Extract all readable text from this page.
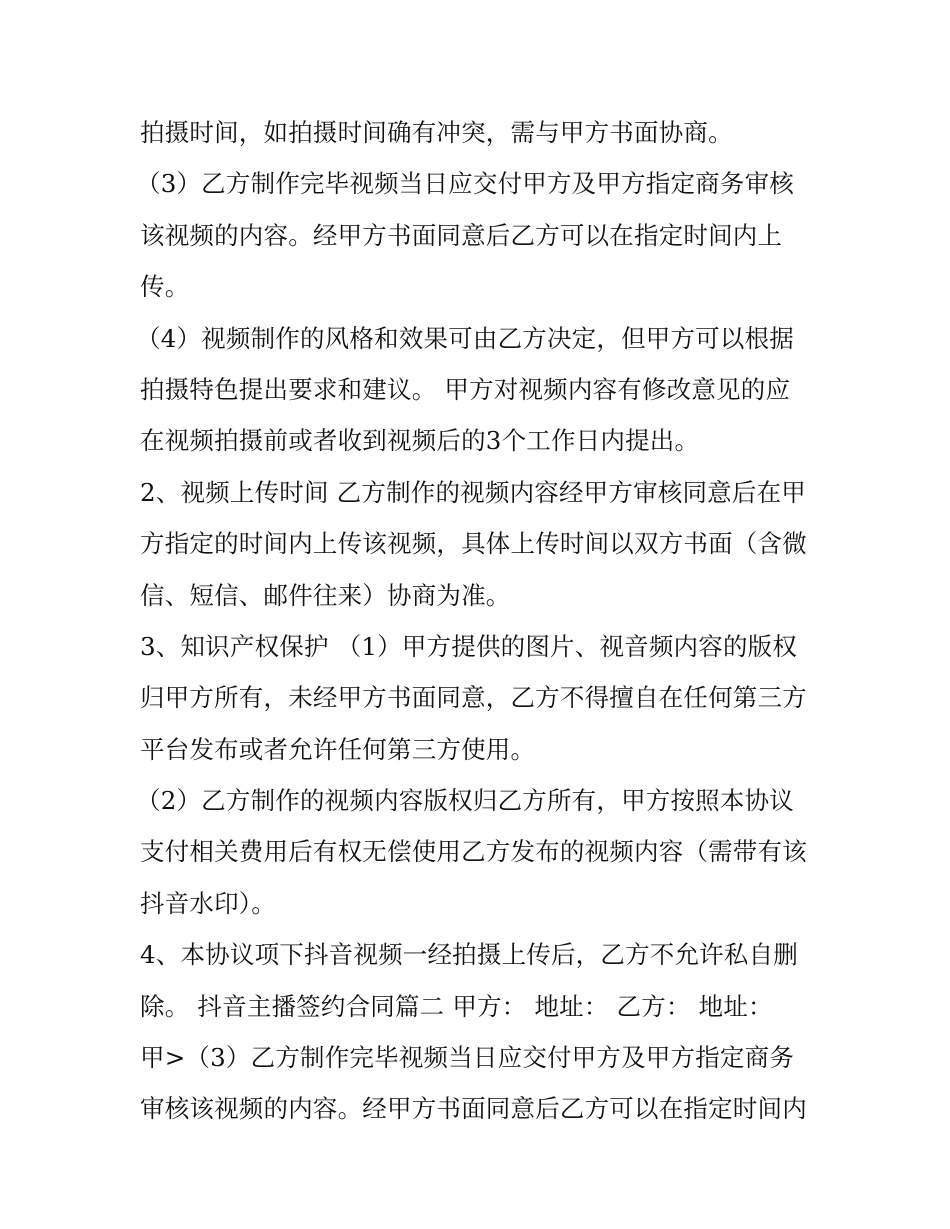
拍摄时间，如拍摄时间确有冲突，需与甲方书面协商。
（3）乙方制作完毕视频当日应交付甲方及甲方指定商务审核
该视频的内容。经甲方书面同意后乙方可以在指定时间内上
传。
（4）视频制作的风格和效果可由乙方决定，但甲方可以根据
拍摄特色提出要求和建议。 甲方对视频内容有修改意见的应
在视频拍摄前或者收到视频后的3个工作日内提出。
2、视频上传时间 乙方制作的视频内容经甲方审核同意后在甲
方指定的时间内上传该视频，具体上传时间以双方书面（含微
信、短信、邮件往来）协商为准。
3、知识产权保护 （1）甲方提供的图片、视音频内容的版权
归甲方所有，未经甲方书面同意，乙方不得擅自在任何第三方
平台发布或者允许任何第三方使用。
（2）乙方制作的视频内容版权归乙方所有，甲方按照本协议
支付相关费用后有权无偿使用乙方发布的视频内容（需带有该
抖音水印）。
4、本协议项下抖音视频一经拍摄上传后，乙方不允许私自删
除。 抖音主播签约合同篇二 甲方： 地址： 乙方： 地址：
甲>（3）乙方制作完毕视频当日应交付甲方及甲方指定商务
审核该视频的内容。经甲方书面同意后乙方可以在指定时间内
